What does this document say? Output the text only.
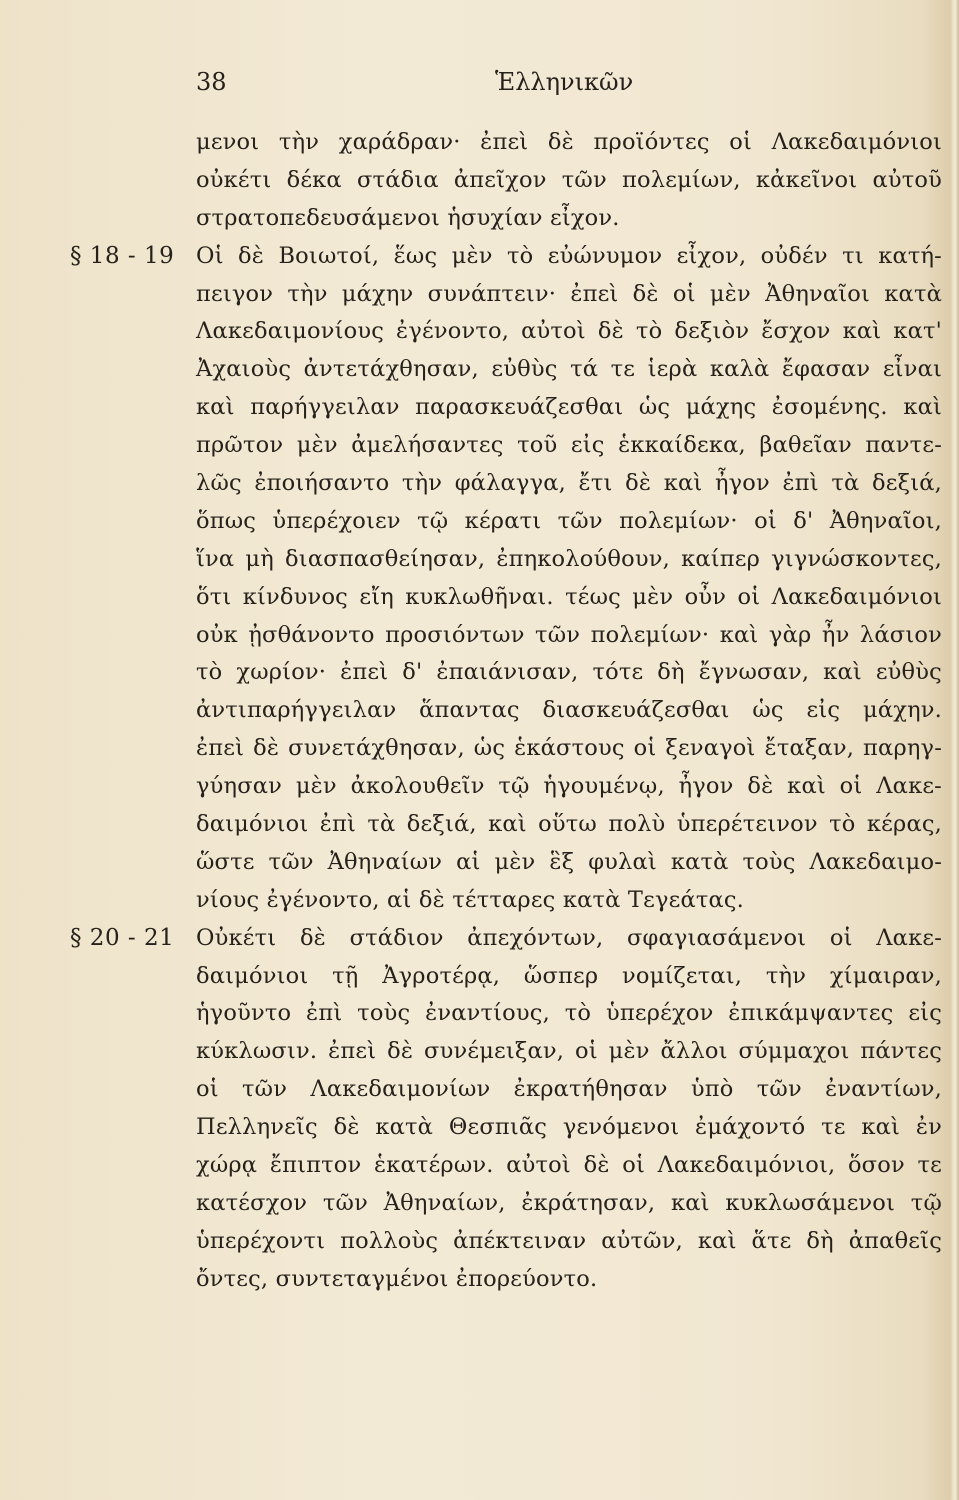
38	Ἑλληνικῶν
μενοι τὴν χαράδραν· ἐπεὶ δὲ προϊόντες οἱ Λακεδαιμόνιοι
οὐκέτι δέκα στάδια ἀπεῖχον τῶν πολεμίων, κἀκεῖνοι αὐτοῦ
στρατοπεδευσάμενοι ἡσυχίαν εἶχον.
Οἱ δὲ Βοιωτοί, ἕως μὲν τὸ εὐώνυμον εἶχον, οὐδέν τι κατή-
§ 18 - 19
πειγον τὴν μάχην συνάπτειν· ἐπεὶ δὲ οἱ μὲν Ἀθηναῖοι κατὰ
Λακεδαιμονίους ἐγένοντο, αὐτοὶ δὲ τὸ δεξιὸν ἔσχον καὶ κατ'
Ἀχαιοὺς ἀντετάχθησαν, εὐθὺς τά τε ἱερὰ καλὰ ἔφασαν εἶναι
καὶ παρήγγειλαν παρασκευάζεσθαι ὡς μάχης ἐσομένης. καὶ
πρῶτον μὲν ἀμελήσαντες τοῦ εἰς ἑκκαίδεκα, βαθεῖαν παντε-
λῶς ἐποιήσαντο τὴν φάλαγγα, ἔτι δὲ καὶ ἦγον ἐπὶ τὰ δεξιά,
ὅπως ὑπερέχοιεν τῷ κέρατι τῶν πολεμίων· οἱ δ' Ἀθηναῖοι,
ἵνα μὴ διασπασθείησαν, ἐπηκολούθουν, καίπερ γιγνώσκοντες,
ὅτι κίνδυνος εἴη κυκλωθῆναι. τέως μὲν οὖν οἱ Λακεδαιμόνιοι
οὐκ ᾐσθάνοντο προσιόντων τῶν πολεμίων· καὶ γὰρ ἦν λάσιον
τὸ χωρίον· ἐπεὶ δ' ἐπαιάνισαν, τότε δὴ ἔγνωσαν, καὶ εὐθὺς
ἀντιπαρήγγειλαν ἅπαντας διασκευάζεσθαι ὡς εἰς μάχην.
ἐπεὶ δὲ συνετάχθησαν, ὡς ἑκάστους οἱ ξεναγοὶ ἔταξαν, παρηγ-
γύησαν μὲν ἀκολουθεῖν τῷ ἡγουμένῳ, ἦγον δὲ καὶ οἱ Λακε-
δαιμόνιοι ἐπὶ τὰ δεξιά, καὶ οὕτω πολὺ ὑπερέτεινον τὸ κέρας,
ὥστε τῶν Ἀθηναίων αἱ μὲν ἓξ φυλαὶ κατὰ τοὺς Λακεδαιμο-
νίους ἐγένοντο, αἱ δὲ τέτταρες κατὰ Τεγεάτας.
Οὐκέτι δὲ στάδιον ἀπεχόντων, σφαγιασάμενοι οἱ Λακε-
§ 20 - 21
δαιμόνιοι τῇ Ἀγροτέρᾳ, ὥσπερ νομίζεται, τὴν χίμαιραν,
ἡγοῦντο ἐπὶ τοὺς ἐναντίους, τὸ ὑπερέχον ἐπικάμψαντες εἰς
κύκλωσιν. ἐπεὶ δὲ συνέμειξαν, οἱ μὲν ἄλλοι σύμμαχοι πάντες
οἱ τῶν Λακεδαιμονίων ἐκρατήθησαν ὑπὸ τῶν ἐναντίων,
Πελληνεῖς δὲ κατὰ Θεσπιᾶς γενόμενοι ἐμάχοντό τε καὶ ἐν
χώρᾳ ἔπιπτον ἑκατέρων. αὐτοὶ δὲ οἱ Λακεδαιμόνιοι, ὅσον τε
κατέσχον τῶν Ἀθηναίων, ἐκράτησαν, καὶ κυκλωσάμενοι τῷ
ὑπερέχοντι πολλοὺς ἀπέκτειναν αὐτῶν, καὶ ἅτε δὴ ἀπαθεῖς
ὄντες, συντεταγμένοι ἐπορεύοντο.
